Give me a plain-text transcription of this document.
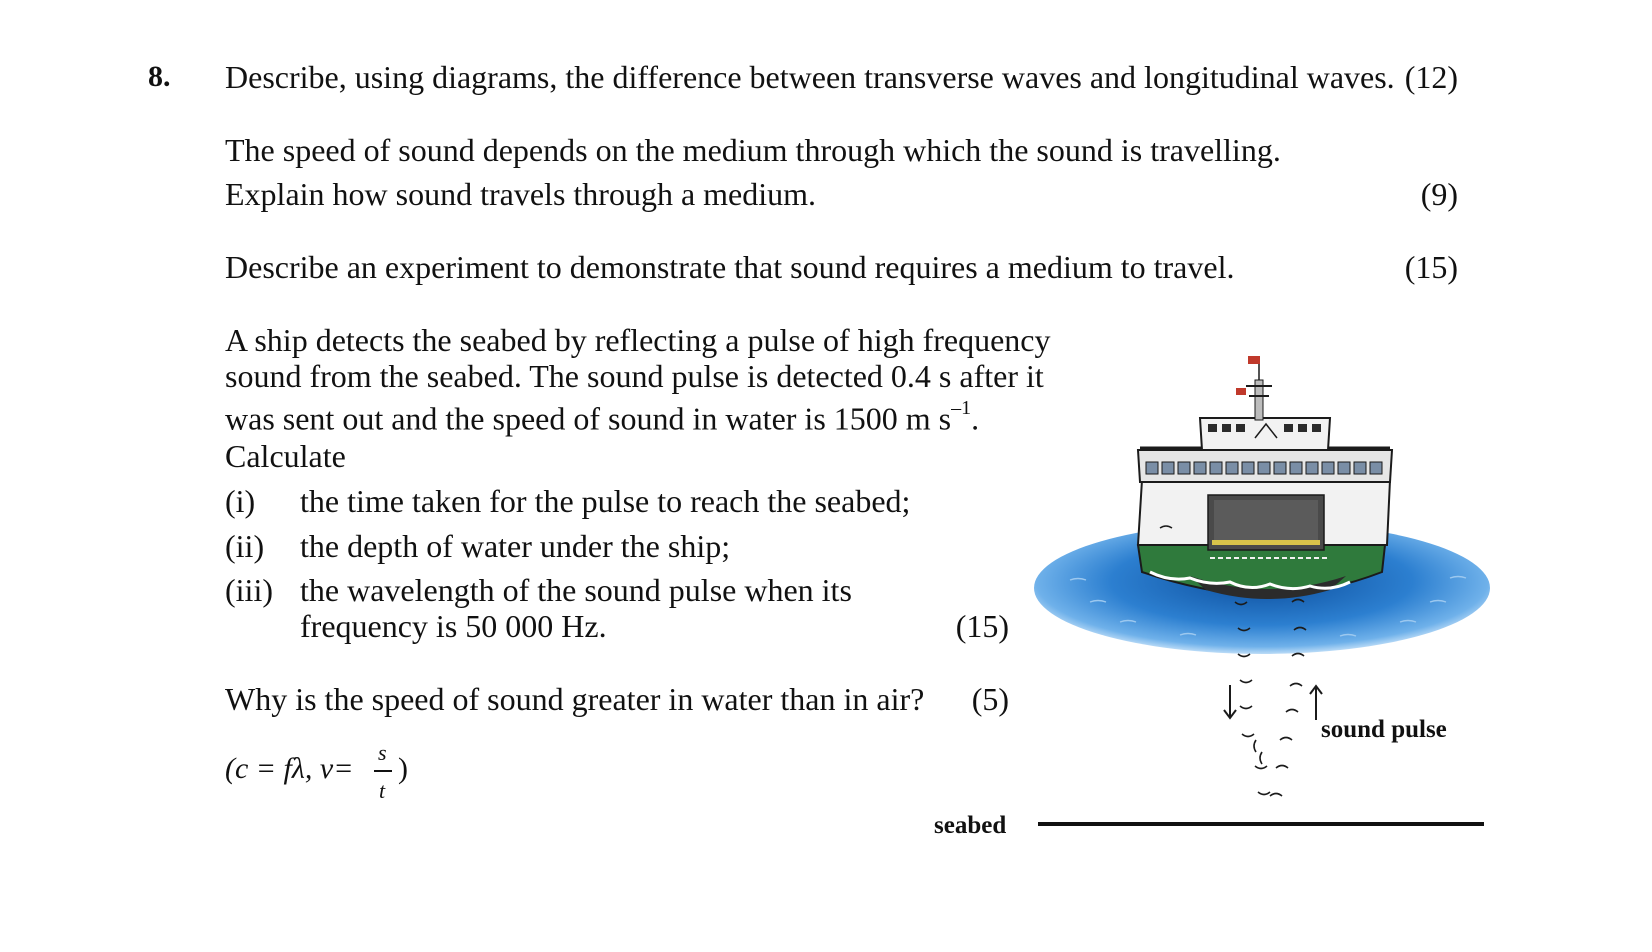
8. Describe, using diagrams, the difference between transverse waves and longitudinal waves. (12)
The speed of sound depends on the medium through which the sound is travelling.
Explain how sound travels through a medium.	(9)
Describe an experiment to demonstrate that sound requires a medium to travel.	(15)
A ship detects the seabed by reflecting a pulse of high frequency
sound from the seabed. The sound pulse is detected 0.4 s after it
was sent out and the speed of sound in water is 1500 m $s^{-1}$.
Calculate
(i) the time taken for the pulse to reach the seabed;
(ii) the depth of water under the ship;
(iii) the wavelength of the sound pulse when its
frequency is 50 000 Hz.	(15)
Why is the speed of sound greater in water than in air? (5)
(c = fλ, v= s
t
)
sound pulse
seabed
